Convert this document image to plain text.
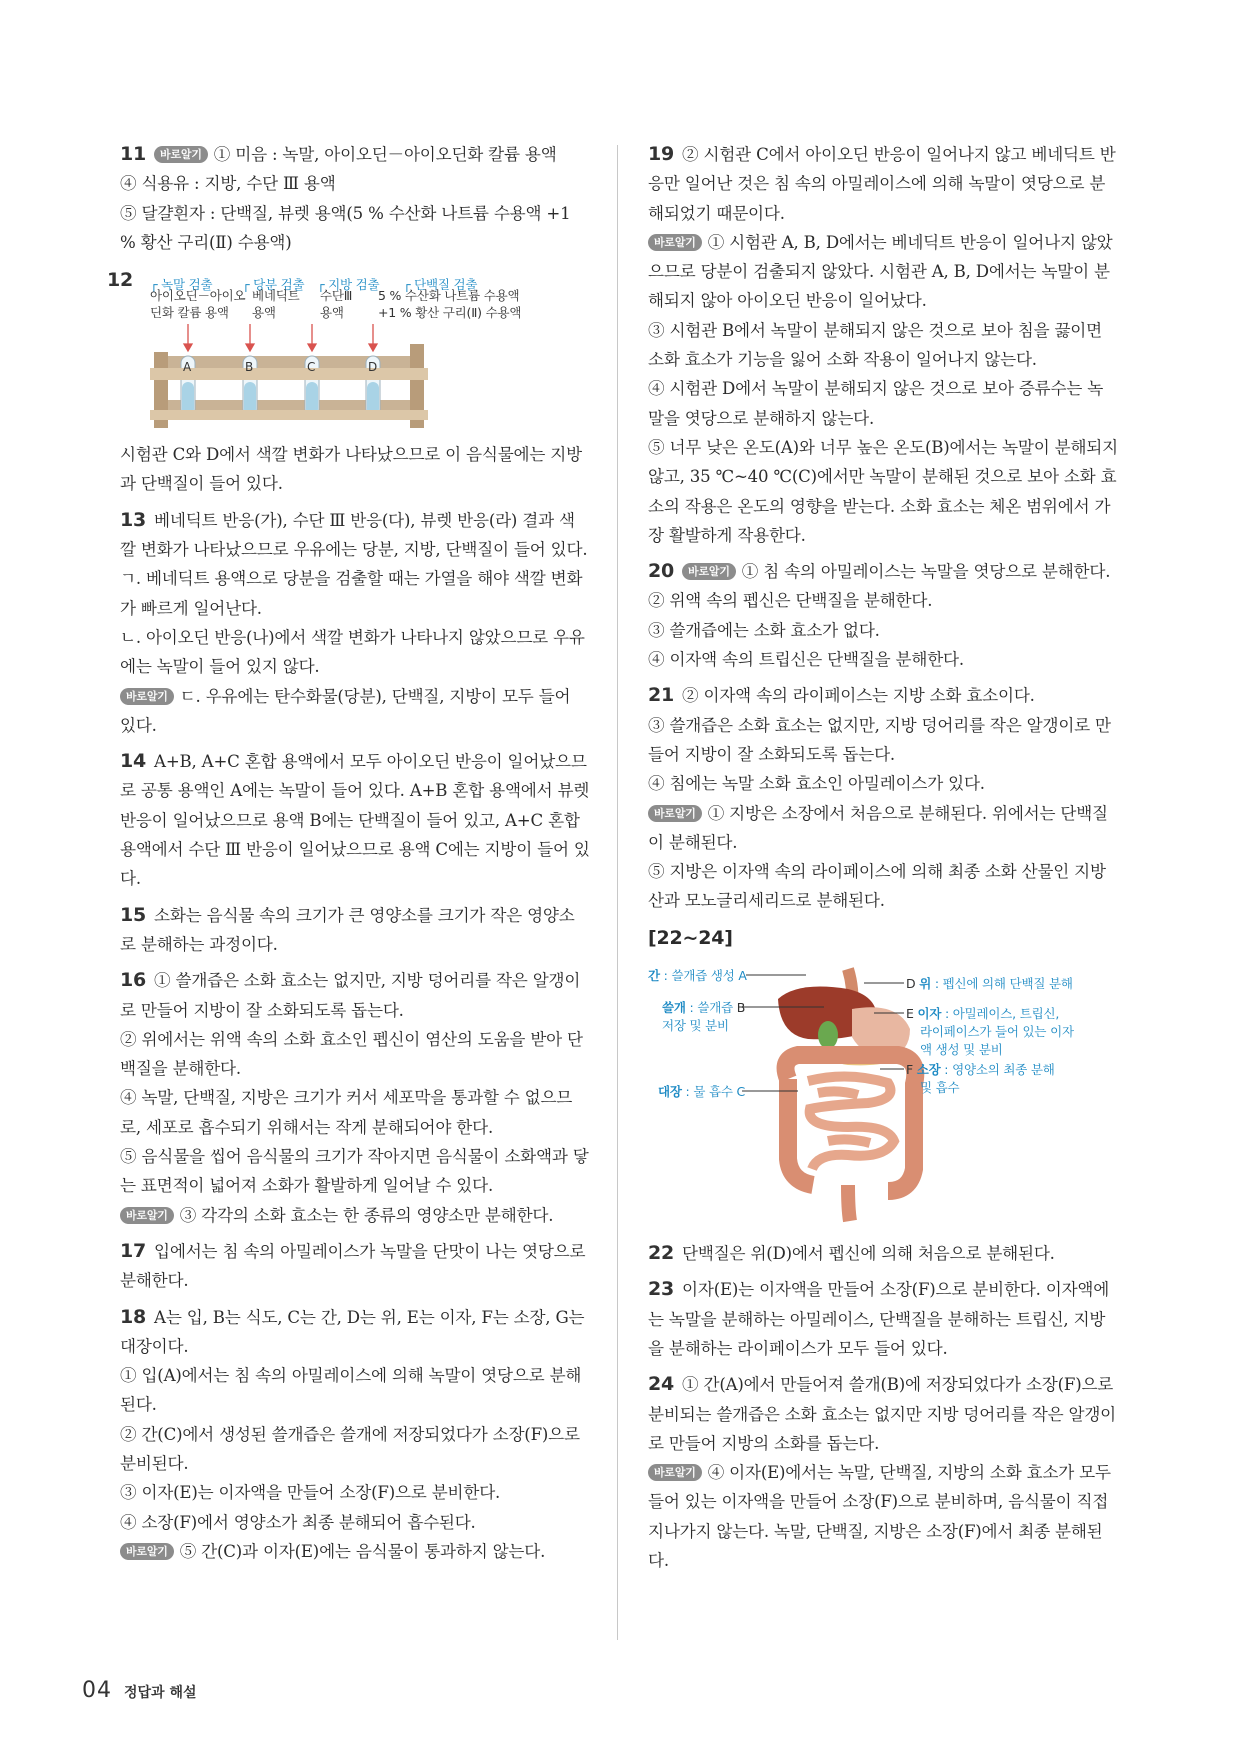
11 바로알기 ① 미음 : 녹말, 아이오딘－아이오딘화 칼륨 용액

④ 식용유 : 지방, 수단 Ⅲ 용액

⑤ 달걀흰자 : 단백질, 뷰렛 용액(5 % 수산화 나트륨 수용액 +1 % 황산 구리(Ⅱ) 수용액)

12 ┌ 녹말 검출 ┌ 당분 검출 ┌ 지방 검출 ┌ 단백질 검출
아이오딘－아이오
딘화 칼륨 용액
베네딕트
용액
수단Ⅲ
용액
5 % 수산화 나트륨 수용액
+1 % 황산 구리(Ⅱ) 수용액
A	B	C	D

시험관 C와 D에서 색깔 변화가 나타났으므로 이 음식물에는 지방과 단백질이 들어 있다.

13 베네딕트 반응(가), 수단 Ⅲ 반응(다), 뷰렛 반응(라) 결과 색깔 변화가 나타났으므로 우유에는 당분, 지방, 단백질이 들어 있다.

ㄱ. 베네딕트 용액으로 당분을 검출할 때는 가열을 해야 색깔 변화가 빠르게 일어난다.

ㄴ. 아이오딘 반응(나)에서 색깔 변화가 나타나지 않았으므로 우유에는 녹말이 들어 있지 않다.

바로알기 ㄷ. 우유에는 탄수화물(당분), 단백질, 지방이 모두 들어 있다.

14 A+B, A+C 혼합 용액에서 모두 아이오딘 반응이 일어났으므로 공통 용액인 A에는 녹말이 들어 있다. A+B 혼합 용액에서 뷰렛 반응이 일어났으므로 용액 B에는 단백질이 들어 있고, A+C 혼합 용액에서 수단 Ⅲ 반응이 일어났으므로 용액 C에는 지방이 들어 있다.

15 소화는 음식물 속의 크기가 큰 영양소를 크기가 작은 영양소로 분해하는 과정이다.

16 ① 쓸개즙은 소화 효소는 없지만, 지방 덩어리를 작은 알갱이로 만들어 지방이 잘 소화되도록 돕는다.

② 위에서는 위액 속의 소화 효소인 펩신이 염산의 도움을 받아 단백질을 분해한다.

④ 녹말, 단백질, 지방은 크기가 커서 세포막을 통과할 수 없으므로, 세포로 흡수되기 위해서는 작게 분해되어야 한다.

⑤ 음식물을 씹어 음식물의 크기가 작아지면 음식물이 소화액과 닿는 표면적이 넓어져 소화가 활발하게 일어날 수 있다.

바로알기 ③ 각각의 소화 효소는 한 종류의 영양소만 분해한다.

17 입에서는 침 속의 아밀레이스가 녹말을 단맛이 나는 엿당으로 분해한다.

18 A는 입, B는 식도, C는 간, D는 위, E는 이자, F는 소장, G는 대장이다.

① 입(A)에서는 침 속의 아밀레이스에 의해 녹말이 엿당으로 분해된다.

② 간(C)에서 생성된 쓸개즙은 쓸개에 저장되었다가 소장(F)으로 분비된다.

③ 이자(E)는 이자액을 만들어 소장(F)으로 분비한다.

④ 소장(F)에서 영양소가 최종 분해되어 흡수된다.

바로알기 ⑤ 간(C)과 이자(E)에는 음식물이 통과하지 않는다.

19 ② 시험관 C에서 아이오딘 반응이 일어나지 않고 베네딕트 반응만 일어난 것은 침 속의 아밀레이스에 의해 녹말이 엿당으로 분해되었기 때문이다.

바로알기 ① 시험관 A, B, D에서는 베네딕트 반응이 일어나지 않았으므로 당분이 검출되지 않았다. 시험관 A, B, D에서는 녹말이 분해되지 않아 아이오딘 반응이 일어났다.

③ 시험관 B에서 녹말이 분해되지 않은 것으로 보아 침을 끓이면 소화 효소가 기능을 잃어 소화 작용이 일어나지 않는다.

④ 시험관 D에서 녹말이 분해되지 않은 것으로 보아 증류수는 녹말을 엿당으로 분해하지 않는다.

⑤ 너무 낮은 온도(A)와 너무 높은 온도(B)에서는 녹말이 분해되지 않고, 35 ℃~40 ℃(C)에서만 녹말이 분해된 것으로 보아 소화 효소의 작용은 온도의 영향을 받는다. 소화 효소는 체온 범위에서 가장 활발하게 작용한다.

20 바로알기 ① 침 속의 아밀레이스는 녹말을 엿당으로 분해한다.

② 위액 속의 펩신은 단백질을 분해한다.

③ 쓸개즙에는 소화 효소가 없다.

④ 이자액 속의 트립신은 단백질을 분해한다.

21 ② 이자액 속의 라이페이스는 지방 소화 효소이다.

③ 쓸개즙은 소화 효소는 없지만, 지방 덩어리를 작은 알갱이로 만들어 지방이 잘 소화되도록 돕는다.

④ 침에는 녹말 소화 효소인 아밀레이스가 있다.

바로알기 ① 지방은 소장에서 처음으로 분해된다. 위에서는 단백질이 분해된다.

⑤ 지방은 이자액 속의 라이페이스에 의해 최종 소화 산물인 지방산과 모노글리세리드로 분해된다.

[22~24]
간 : 쓸개즙 생성 A
쓸개 : 쓸개즙 B
저장 및 분비
대장 : 물 흡수 C
D 위 : 펩신에 의해 단백질 분해
E 이자 : 아밀레이스, 트립신,
라이페이스가 들어 있는 이자
액 생성 및 분비
F 소장 : 영양소의 최종 분해
및 흡수

22 단백질은 위(D)에서 펩신에 의해 처음으로 분해된다.

23 이자(E)는 이자액을 만들어 소장(F)으로 분비한다. 이자액에는 녹말을 분해하는 아밀레이스, 단백질을 분해하는 트립신, 지방을 분해하는 라이페이스가 모두 들어 있다.

24 ① 간(A)에서 만들어져 쓸개(B)에 저장되었다가 소장(F)으로 분비되는 쓸개즙은 소화 효소는 없지만 지방 덩어리를 작은 알갱이로 만들어 지방의 소화를 돕는다.

바로알기 ④ 이자(E)에서는 녹말, 단백질, 지방의 소화 효소가 모두 들어 있는 이자액을 만들어 소장(F)으로 분비하며, 음식물이 직접 지나가지 않는다. 녹말, 단백질, 지방은 소장(F)에서 최종 분해된다.

04 정답과 해설
